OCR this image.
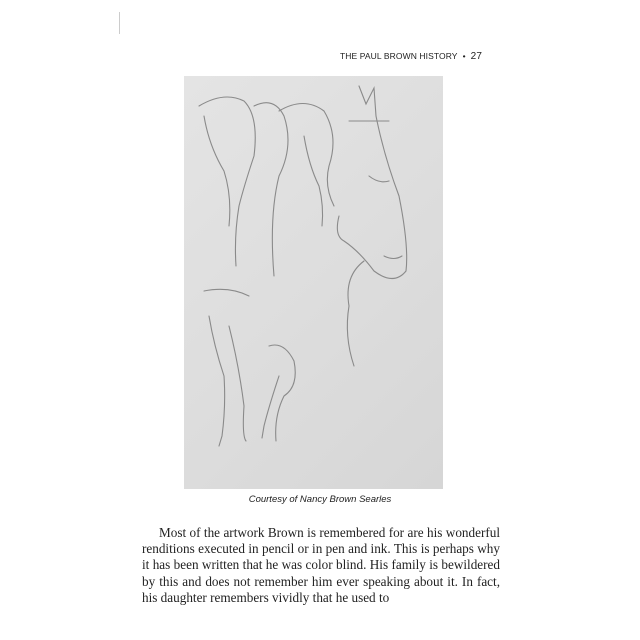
THE PAUL BROWN HISTORY • 27
Courtesy of Nancy Brown Searles

Most of the artwork Brown is remembered for are his wonderful renditions executed in pencil or in pen and ink. This is perhaps why it has been written that he was color blind. His family is bewildered by this and does not remember him ever speaking about it. In fact, his daughter remembers vividly that he used to
